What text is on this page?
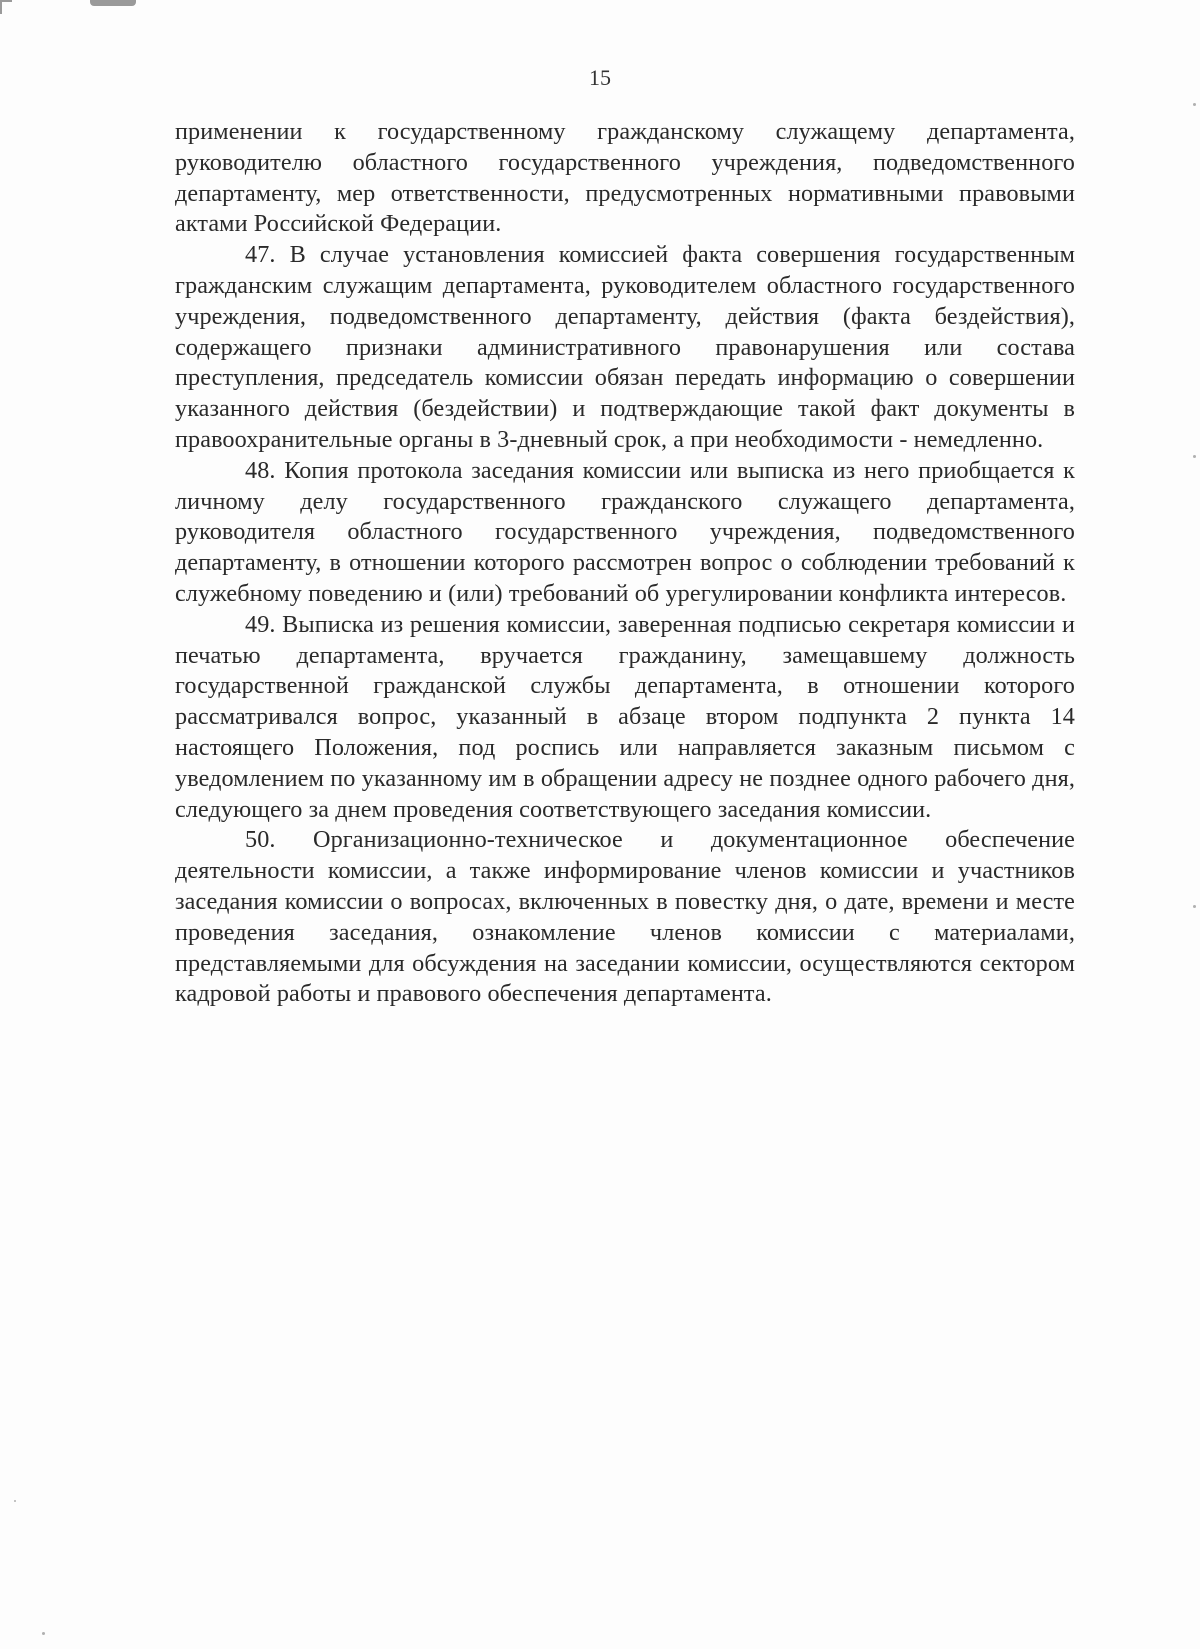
15

применении к государственному гражданскому служащему департамента, руководителю областного государственного учреждения, подведомственного департаменту, мер ответственности, предусмотренных нормативными правовыми актами Российской Федерации.

47. В случае установления комиссией факта совершения государственным гражданским служащим департамента, руководителем областного государственного учреждения, подведомственного департаменту, действия (факта бездействия), содержащего признаки административного правонарушения или состава преступления, председатель комиссии обязан передать информацию о совершении указанного действия (бездействии) и подтверждающие такой факт документы в правоохранительные органы в 3-дневный срок, а при необходимости - немедленно.

48. Копия протокола заседания комиссии или выписка из него приобщается к личному делу государственного гражданского служащего департамента, руководителя областного государственного учреждения, подведомственного департаменту, в отношении которого рассмотрен вопрос о соблюдении требований к служебному поведению и (или) требований об урегулировании конфликта интересов.

49. Выписка из решения комиссии, заверенная подписью секретаря комиссии и печатью департамента, вручается гражданину, замещавшему должность государственной гражданской службы департамента, в отношении которого рассматривался вопрос, указанный в абзаце втором подпункта 2 пункта 14 настоящего Положения, под роспись или направляется заказным письмом с уведомлением по указанному им в обращении адресу не позднее одного рабочего дня, следующего за днем проведения соответствующего заседания комиссии.

50. Организационно-техническое и документационное обеспечение деятельности комиссии, а также информирование членов комиссии и участников заседания комиссии о вопросах, включенных в повестку дня, о дате, времени и месте проведения заседания, ознакомление членов комиссии с материалами, представляемыми для обсуждения на заседании комиссии, осуществляются сектором кадровой работы и правового обеспечения департамента.
